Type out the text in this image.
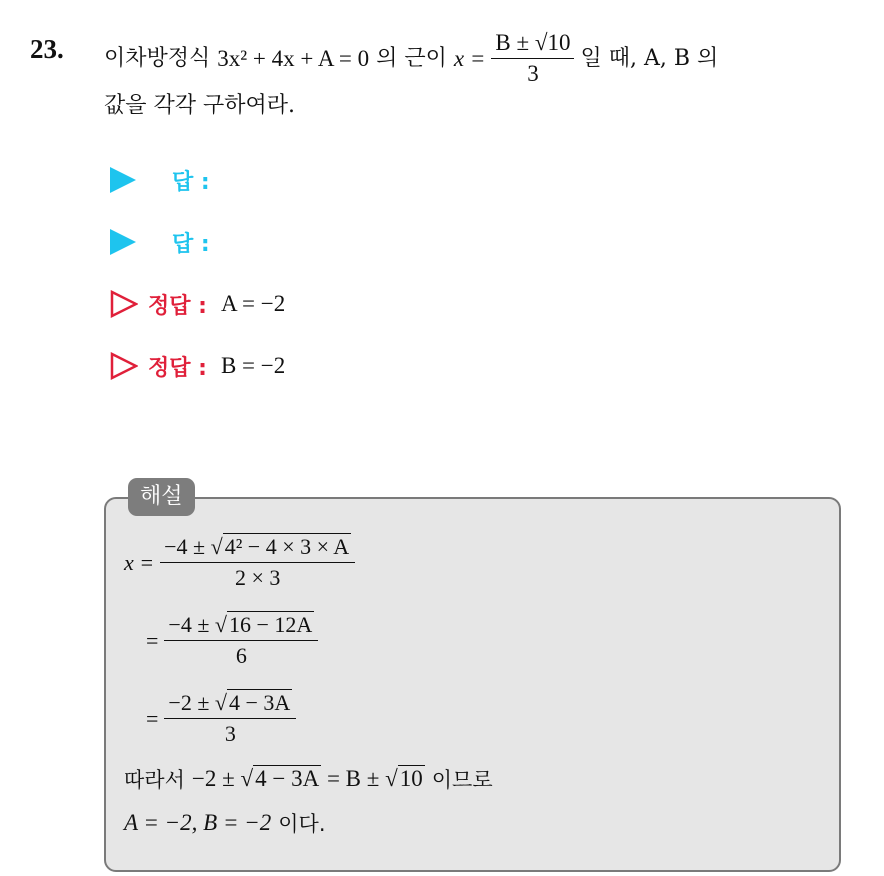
23. 이차방정식
3x² + 4x + A = 0
의 근이
$x = \frac{B \pm √10}{3}$ 일 때, A, B 의
값을 각각 구하여라.
답 :
답 :
정답 : A = −2
정답 : B = −2
해설
$x = \frac{\text{−4 ± √4² − 4 × 3 × A}}{2 \times 3}$
= $\frac{-4 \pm √16 - 12A}{6}$
= $\frac{-2 \pm √4 - 3A}{3}$
따라서
−2 ± √4 − 3A = B ± √10
이므로
A = −2, B = −2
이다.
